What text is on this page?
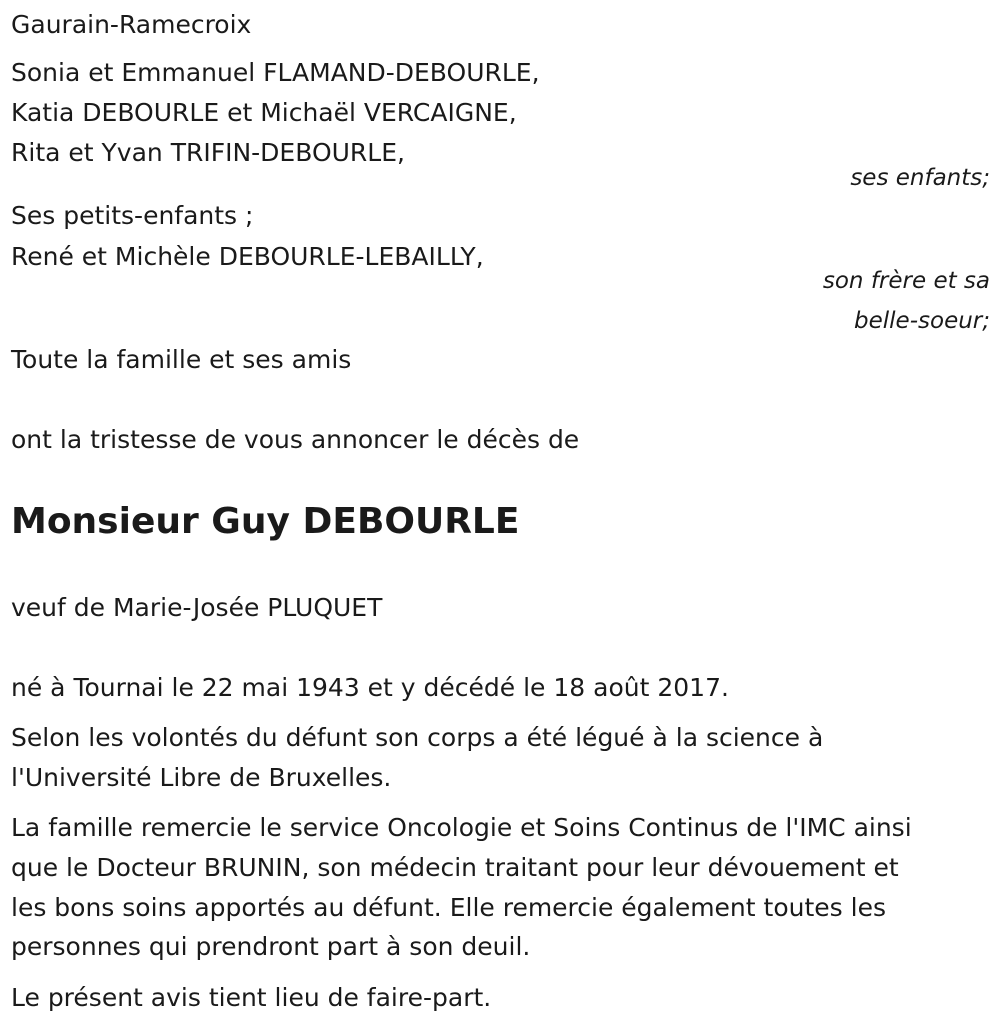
Gaurain-Ramecroix
Sonia et Emmanuel FLAMAND-DEBOURLE,
Katia DEBOURLE et Michaël VERCAIGNE,
Rita et Yvan TRIFIN-DEBOURLE,
ses enfants;
Ses petits-enfants ;
René et Michèle DEBOURLE-LEBAILLY,
son frère et sa
belle-soeur;
Toute la famille et ses amis
ont la tristesse de vous annoncer le décès de
Monsieur Guy DEBOURLE
veuf de Marie-Josée PLUQUET
né à Tournai le 22 mai 1943 et y décédé le 18 août 2017.
Selon les volontés du défunt son corps a été légué à la science à
l'Université Libre de Bruxelles.
La famille remercie le service Oncologie et Soins Continus de l'IMC ainsi
que le Docteur BRUNIN, son médecin traitant pour leur dévouement et
les bons soins apportés au défunt. Elle remercie également toutes les
personnes qui prendront part à son deuil.
Le présent avis tient lieu de faire-part.
